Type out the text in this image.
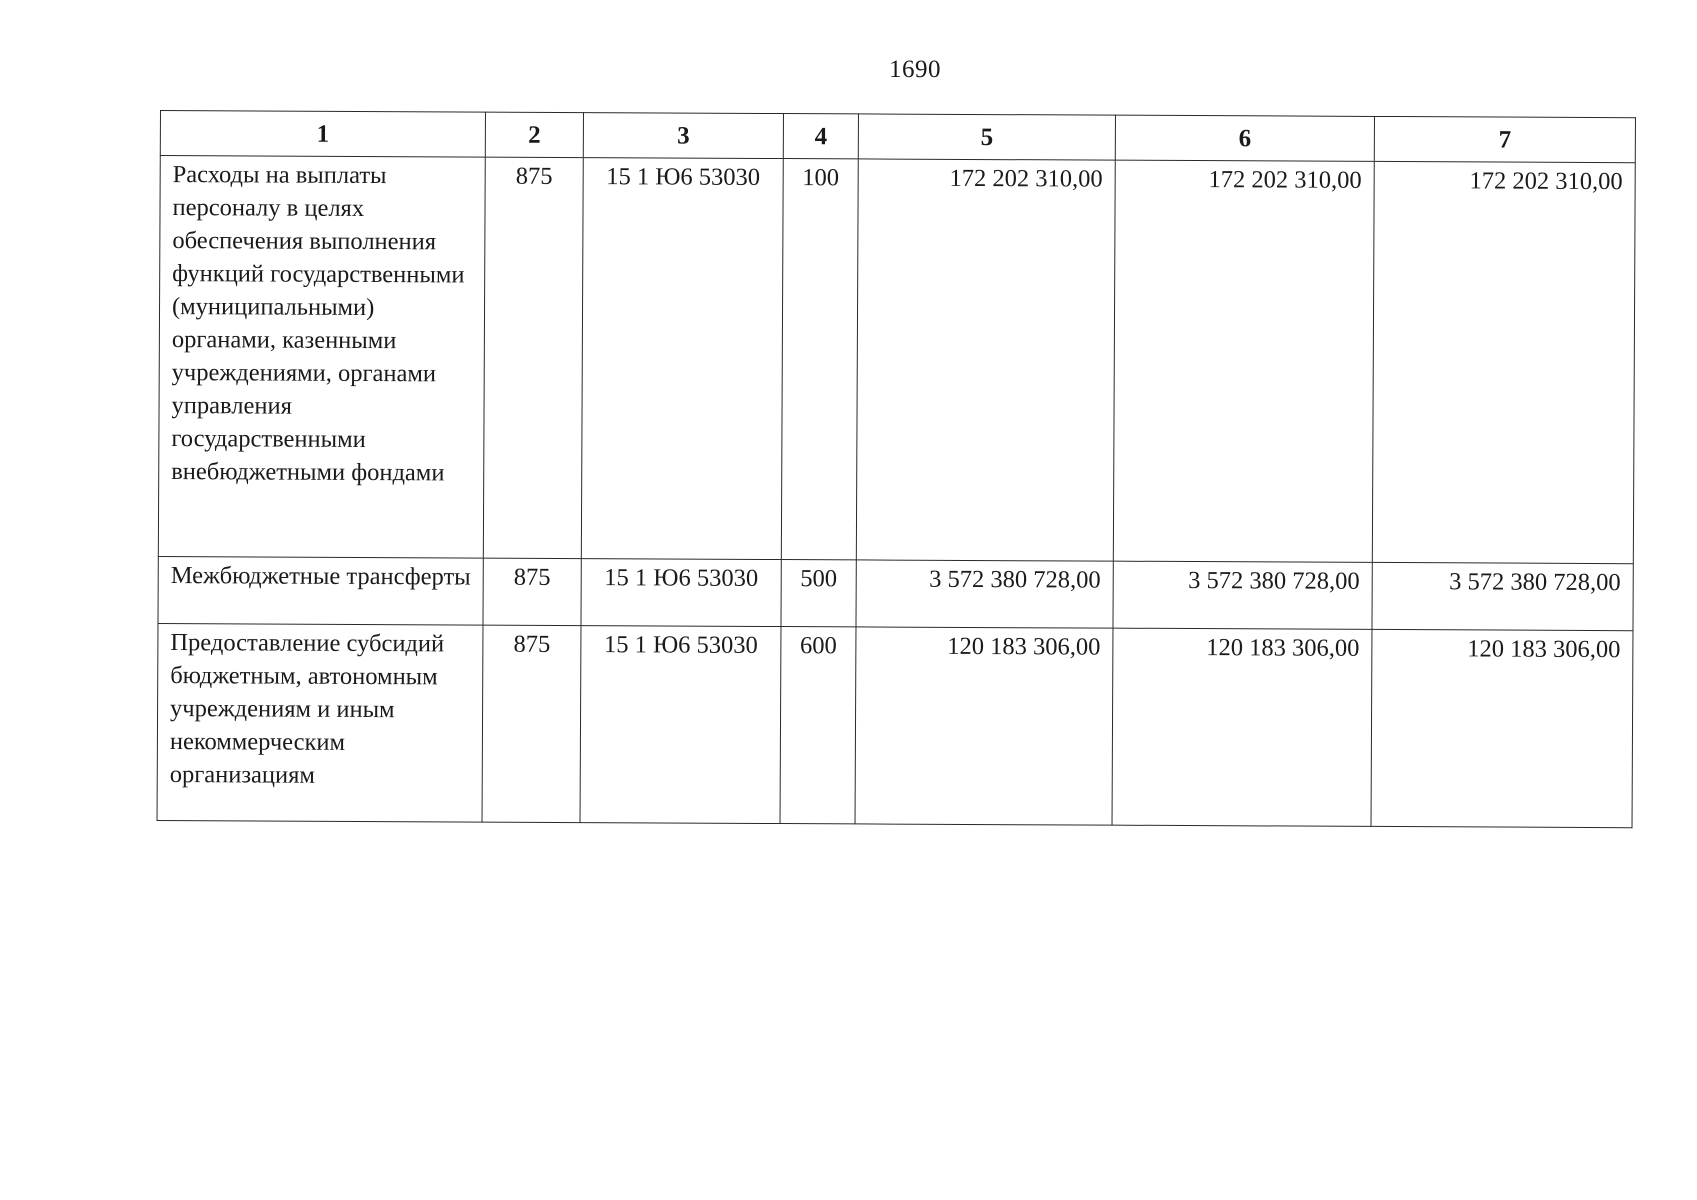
1690
1	2	3	4	5	6	7
Расходы на выплаты персоналу в целях обеспечения выполнения функций государственными (муниципальными) органами, казенными учреждениями, органами управления государственными внебюджетными фондами	875	15 1 Ю6 53030	100	172 202 310,00	172 202 310,00	172 202 310,00
Межбюджетные трансферты	875	15 1 Ю6 53030	500	3 572 380 728,00	3 572 380 728,00	3 572 380 728,00
Предоставление субсидий бюджетным, автономным учреждениям и иным некоммерческим организациям	875	15 1 Ю6 53030	600	120 183 306,00	120 183 306,00	120 183 306,00
